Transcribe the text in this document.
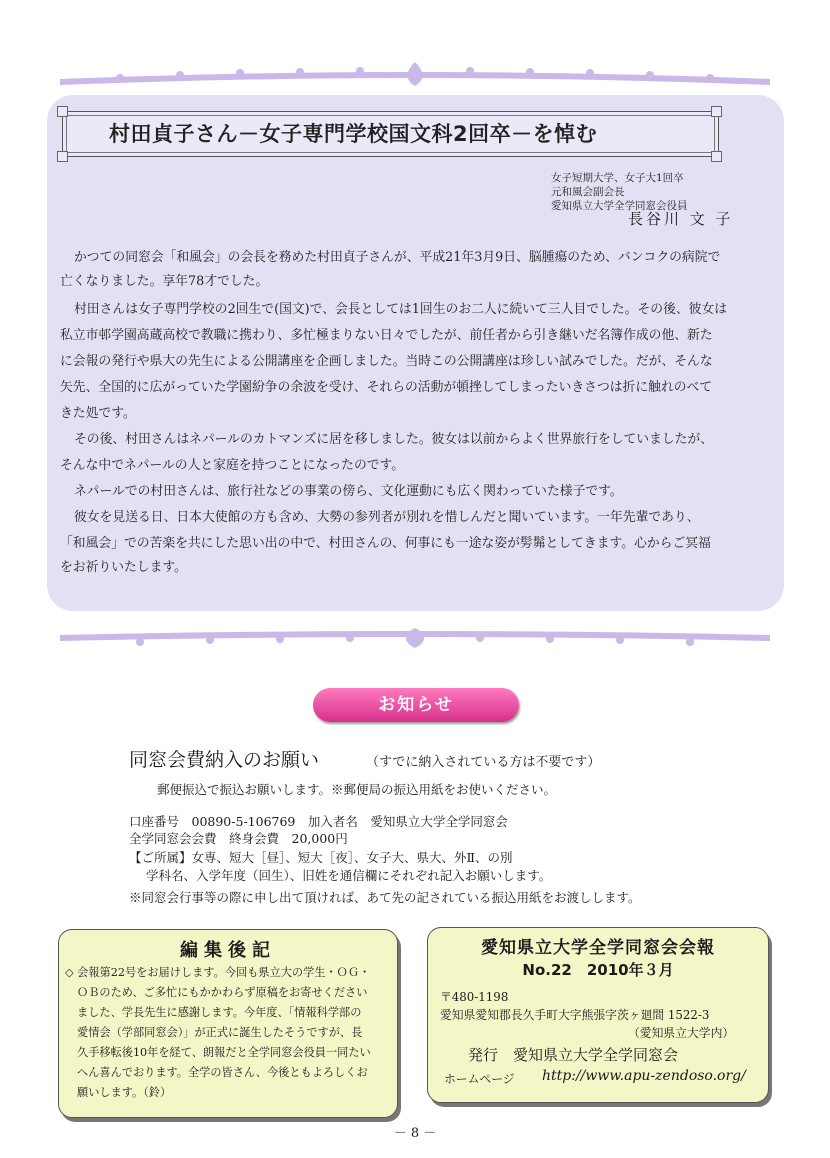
村田貞子さん－女子専門学校国文科2回卒－を悼む
女子短期大学、女子大1回卒
元和風会副会長
愛知県立大学全学同窓会役員
長谷川 文 子
かつての同窓会「和風会」の会長を務めた村田貞子さんが、平成21年3月9日、脳腫瘍のため、バンコクの病院で
亡くなりました。享年78才でした。
村田さんは女子専門学校の2回生で(国文)で、会長としては1回生のお二人に続いて三人目でした。その後、彼女は
私立市邨学園高蔵高校で教職に携わり、多忙極まりない日々でしたが、前任者から引き継いだ名簿作成の他、新た
に会報の発行や県大の先生による公開講座を企画しました。当時この公開講座は珍しい試みでした。だが、そんな
矢先、全国的に広がっていた学園紛争の余波を受け、それらの活動が頓挫してしまったいきさつは折に触れのべて
きた処です。
その後、村田さんはネパールのカトマンズに居を移しました。彼女は以前からよく世界旅行をしていましたが、
そんな中でネパールの人と家庭を持つことになったのです。
ネパールでの村田さんは、旅行社などの事業の傍ら、文化運動にも広く関わっていた様子です。
彼女を見送る日、日本大使館の方も含め、大勢の参列者が別れを惜しんだと聞いています。一年先輩であり、
「和風会」での苦楽を共にした思い出の中で、村田さんの、何事にも一途な姿が髣髴としてきます。心からご冥福
をお祈りいたします。
お知らせ
同窓会費納入のお願い	（すでに納入されている方は不要です）
郵便振込で振込お願いします。※郵便局の振込用紙をお使いください。
口座番号　00890-5-106769　加入者名　愛知県立大学全学同窓会
全学同窓会会費　終身会費　20,000円
【ご所属】女専、短大［昼］、短大［夜］、女子大、県大、外Ⅱ、の別
学科名、入学年度（回生）、旧姓を通信欄にそれぞれ記入お願いします。
※同窓会行事等の際に申し出て頂ければ、あて先の記されている振込用紙をお渡しします。
編集後記
◇ 会報第22号をお届けします。今回も県立大の学生・ＯＧ・
ＯＢのため、ご多忙にもかかわらず原稿をお寄せください
ました、学長先生に感謝します。今年度、「情報科学部の
愛情会（学部同窓会）」が正式に誕生したそうですが、長
久手移転後10年を経て、朗報だと全学同窓会役員一同たい
へん喜んでおります。全学の皆さん、今後ともよろしくお
願いします。（鈴）
愛知県立大学全学同窓会会報
No.22　2010年３月
〒480-1198
愛知県愛知郡長久手町大字熊張字茨ヶ廻間 1522-3
（愛知県立大学内）
発行　愛知県立大学全学同窓会
ホームページ http://www.apu-zendoso.org/
－ 8 －
